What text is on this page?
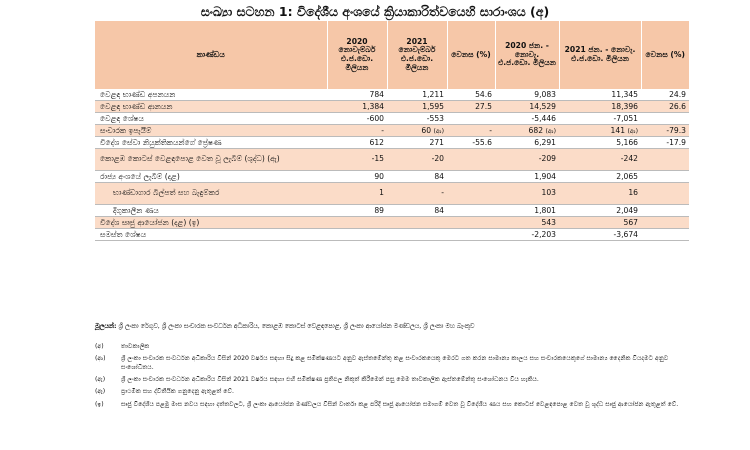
සංඛ්‍යා සටහන 1: විදේශීය අංශයේ ක්‍රියාකාරිත්වයෙහි සාරාංශය (අ)
කාණ්ඩය	2020 නොවැම්බර් එ.ජ.ඩො. මිලියන	2021 නොවැම්බර් එ.ජ.ඩො. මිලියන	වෙනස (%)	2020 ජන. - නොවැ. එ.ජ.ඩො. මිලියන	2021 ජන. - නොවැ. එ.ජ.ඩො. මිලියන	වෙනස (%)
වෙළඳ භාණ්ඩ අපනයන	784	1,211	54.6	9,083	11,345	24.9
වෙළඳ භාණ්ඩ ආනයන	1,384	1,595	27.5	14,529	18,396	26.6
වෙළඳ ශේෂය	-600	-553		-5,446	-7,051	
සංචාරක ඉපැයීම්	-	60 (ආ)	-	682 (ආ)	141 (ආ)	-79.3
විදේශ සේවා නියුක්තිකයන්ගේ ප්‍රේෂණ	612	271	-55.6	6,291	5,166	-17.9
කොළඹ කොටස් වෙළඳපොළ වෙත වූ ලැබීම් (ශුද්ධ) (ඇ)	-15	-20		-209	-242	
රාජ්‍ය අංශයේ ලැබීම් (දළ)	90	84		1,904	2,065	
භාණ්ඩාගාර බිල්පත් සහ බැඳුම්කර	1	-		103	16	
දිගුකාලීන ණය	89	84		1,801	2,049	
විදේශ සෘජු ආයෝජන (දළ) (ඉ)				543	567	
සමස්ත ශේෂය				-2,203	-3,674	
මූලයන්: ශ්‍රී ලංකා රේගුව, ශ්‍රී ලංකා සංචාරක සංවර්ධන අධිකාරිය, කොළඹ කොටස් වෙළඳපොළ, ශ්‍රී ලංකා ආයෝජන මණ්ඩලය, ශ්‍රී ලංකා මහ බැංකුව
(අ)	තාවකාලික
(ආ)	ශ්‍රී ලංකා සංචාරක සංවර්ධන අධිකාරිය විසින් 2020 වර්ෂය සඳහා සිදු කළ සමීක්ෂණයට අනුව ඇස්තමේන්තු කළ සංචාරකයෙකු මෙරට ගත කරන සාමාන්‍ය කාලය සහ සංචාරකයෙකුගේ සාමාන්‍ය දෛනික වියදමට අනුව සංශෝධිතය.
(ඇ)	ශ්‍රී ලංකා සංචාරක සංවර්ධන අධිකාරිය විසින් 2021 වර්ෂය සඳහා එහි සමීක්ෂණ ප්‍රතිඵල නිකුත් කිරීමෙන් පසු මෙම තාවකාලික ඇස්තමේන්තු සංශෝධනය විය හැකිය.
(ඈ)	ප්‍රාථමික සහ ද්විතීයික ගනුදෙනු ඇතුළත් වේ.
(ඉ)	සෘජු විදේශීය පළමු මාස නවය සඳහා දත්තවලට, ශ්‍රී ලංකා ආයෝජන මණ්ඩලය විසින් වාර්තා කළ පරිදි සෘජු ආයෝජන සමාගම් වෙත වූ විදේශීය ණය සහ කොටස් වෙළඳපොළ වෙත වූ ශුද්ධ සෘජු ආයෝජන ඇතුළත් වේ.
